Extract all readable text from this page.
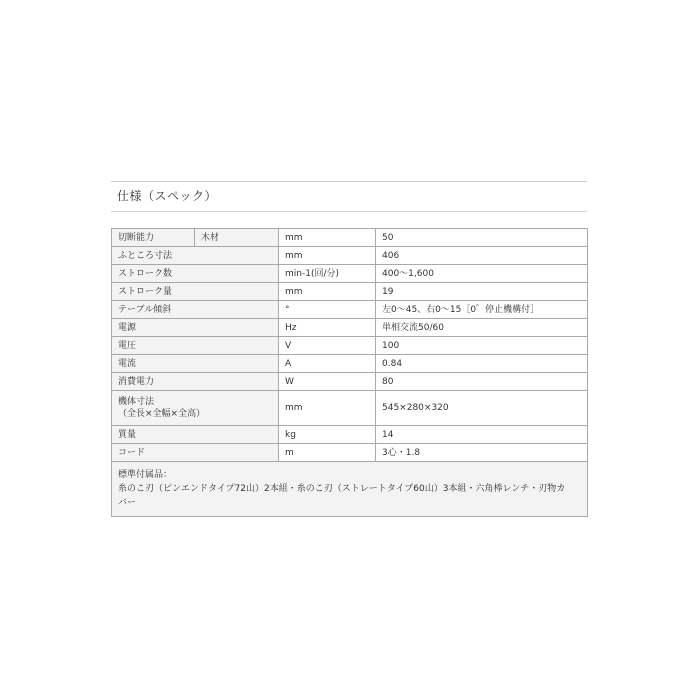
仕様（スペック）
切断能力	木材	mm	50
ふところ寸法		mm	406
ストローク数		min-1(回/分)	400～1,600
ストローク量		mm	19
テーブル傾斜		°	左0～45、右0～15［0゜停止機構付］
電源		Hz	単相交流50/60
電圧		V	100
電流		A	0.84
消費電力		W	80

機体寸法
（全長×全幅×全高）		mm	545×280×320
質量		kg	14
コード		m	3心・1.8

標準付属品：
糸のこ刃（ピンエンドタイプ72山）2本組・糸のこ刃（ストレートタイプ60山）3本組・六角棒レンチ・刃物カ
バー			
